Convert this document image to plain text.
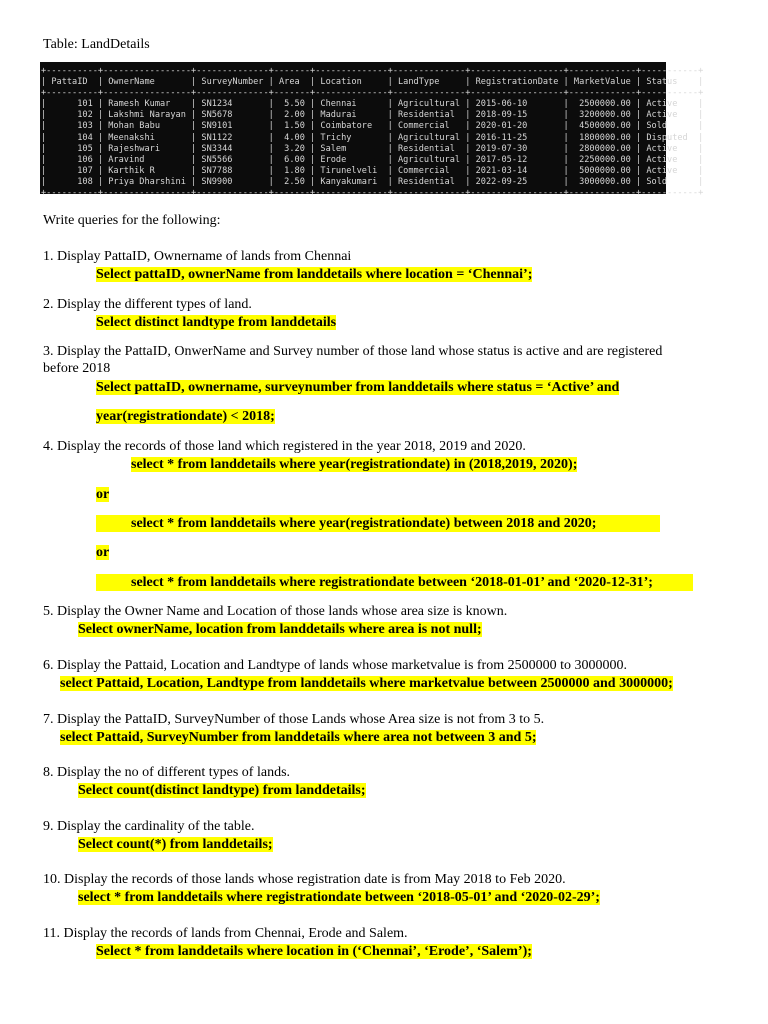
Table: LandDetails
+----------+-----------------+--------------+-------+--------------+--------------+------------------+-------------+-----------+
| PattaID  | OwnerName       | SurveyNumber | Area  | Location     | LandType     | RegistrationDate | MarketValue | Status    |
+----------+-----------------+--------------+-------+--------------+--------------+------------------+-------------+-----------+
|      101 | Ramesh Kumar    | SN1234       |  5.50 | Chennai      | Agricultural | 2015-06-10       |  2500000.00 | Active    |
|      102 | Lakshmi Narayan | SN5678       |  2.00 | Madurai      | Residential  | 2018-09-15       |  3200000.00 | Active    |
|      103 | Mohan Babu      | SN9101       |  1.50 | Coimbatore   | Commercial   | 2020-01-20       |  4500000.00 | Sold      |
|      104 | Meenakshi       | SN1122       |  4.00 | Trichy       | Agricultural | 2016-11-25       |  1800000.00 | Disputed  |
|      105 | Rajeshwari      | SN3344       |  3.20 | Salem        | Residential  | 2019-07-30       |  2800000.00 | Active    |
|      106 | Aravind         | SN5566       |  6.00 | Erode        | Agricultural | 2017-05-12       |  2250000.00 | Active    |
|      107 | Karthik R       | SN7788       |  1.80 | Tirunelveli  | Commercial   | 2021-03-14       |  5000000.00 | Active    |
|      108 | Priya Dharshini | SN9900       |  2.50 | Kanyakumari  | Residential  | 2022-09-25       |  3000000.00 | Sold      |
+----------+-----------------+--------------+-------+--------------+--------------+------------------+-------------+-----------+
Write queries for the following:
1. Display PattaID, Ownername of lands from Chennai
Select pattaID, ownerName from landdetails where location = ‘Chennai’;
2. Display the different types of land.
Select distinct landtype from landdetails
3. Display the PattaID, OnwerName and Survey number of those land whose status is active and are registered before 2018
Select pattaID, ownername, surveynumber from landdetails where status = ‘Active’ and
year(registrationdate) < 2018;
4. Display the records of those land which registered in the year 2018, 2019 and 2020.
select * from landdetails where year(registrationdate) in (2018,2019, 2020);
or
select * from landdetails where year(registrationdate) between 2018 and 2020;
or
select * from landdetails where registrationdate between ‘2018-01-01’ and ‘2020-12-31’;
5. Display the Owner Name and Location of those lands whose area size is known.
Select ownerName, location from landdetails where area is not null;
6. Display the Pattaid, Location and Landtype of lands whose marketvalue is from 2500000 to 3000000.
select Pattaid, Location, Landtype from landdetails where marketvalue between 2500000 and 3000000;
7. Display the PattaID, SurveyNumber of those Lands whose Area size is not from 3 to 5.
select Pattaid, SurveyNumber from landdetails where area not between 3 and 5;
8. Display the no of different types of lands.
Select count(distinct landtype) from landdetails;
9. Display the cardinality of the table.
Select count(*) from landdetails;
10. Display the records of those lands whose registration date is from May 2018 to Feb 2020.
select * from landdetails where registrationdate between ‘2018-05-01’ and ‘2020-02-29’;
11. Display the records of lands from Chennai, Erode and Salem.
Select * from landdetails where location in (‘Chennai’, ‘Erode’, ‘Salem’);
